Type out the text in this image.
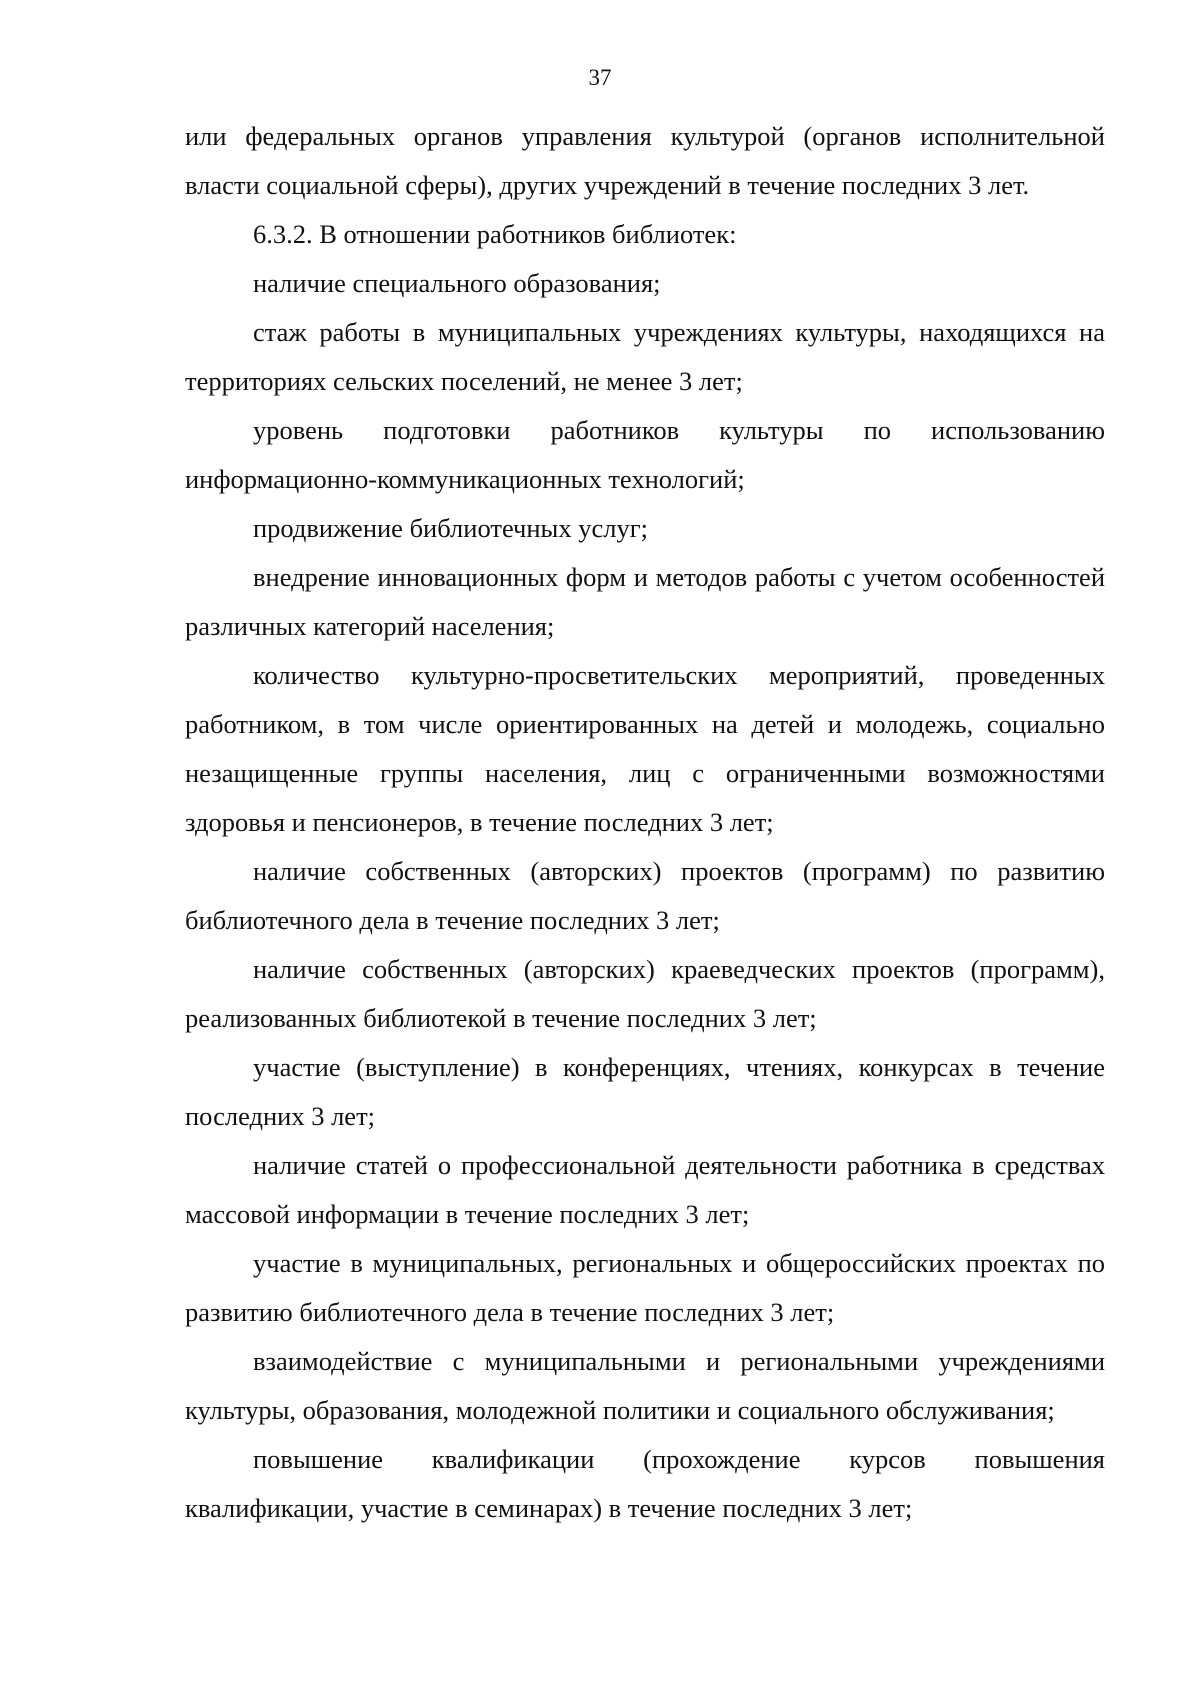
37

или федеральных органов управления культурой (органов исполнительной власти социальной сферы), других учреждений в течение последних 3 лет.

6.3.2. В отношении работников библиотек:

наличие специального образования;

стаж работы в муниципальных учреждениях культуры, находящихся на территориях сельских поселений, не менее 3 лет;

уровень подготовки работников культуры по использованию информационно-коммуникационных технологий;

продвижение библиотечных услуг;

внедрение инновационных форм и методов работы с учетом особенностей различных категорий населения;

количество культурно-просветительских мероприятий, проведенных работником, в том числе ориентированных на детей и молодежь, социально незащищенные группы населения, лиц с ограниченными возможностями здоровья и пенсионеров, в течение последних 3 лет;

наличие собственных (авторских) проектов (программ) по развитию библиотечного дела в течение последних 3 лет;

наличие собственных (авторских) краеведческих проектов (программ), реализованных библиотекой в течение последних 3 лет;

участие (выступление) в конференциях, чтениях, конкурсах в течение последних 3 лет;

наличие статей о профессиональной деятельности работника в средствах массовой информации в течение последних 3 лет;

участие в муниципальных, региональных и общероссийских проектах по развитию библиотечного дела в течение последних 3 лет;

взаимодействие с муниципальными и региональными учреждениями культуры, образования, молодежной политики и социального обслуживания;

повышение квалификации (прохождение курсов повышения квалификации, участие в семинарах) в течение последних 3 лет;
